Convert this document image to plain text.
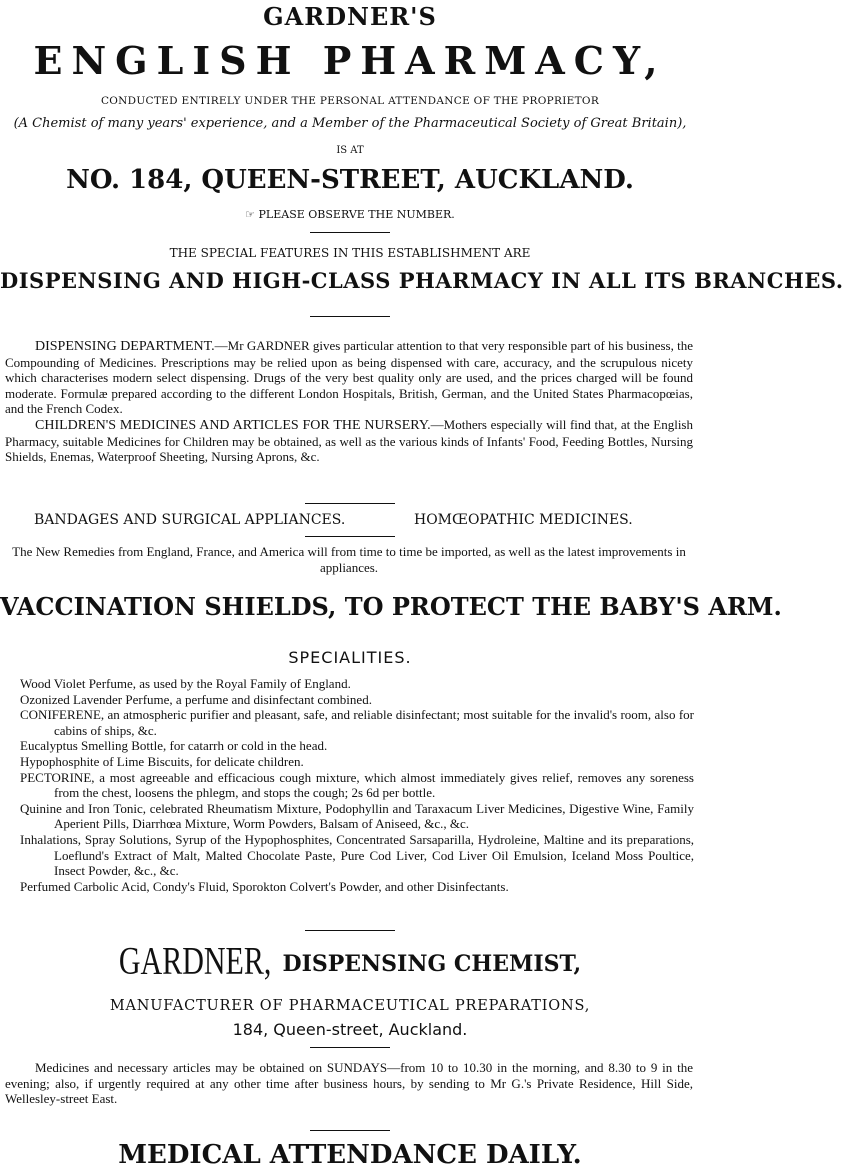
GARDNER'S
ENGLISH PHARMACY,
CONDUCTED ENTIRELY UNDER THE PERSONAL ATTENDANCE OF THE PROPRIETOR
(A Chemist of many years' experience, and a Member of the Pharmaceutical Society of Great Britain),
IS AT
NO. 184, QUEEN-STREET, AUCKLAND.
☞ PLEASE OBSERVE THE NUMBER.
THE SPECIAL FEATURES IN THIS ESTABLISHMENT ARE
DISPENSING AND HIGH-CLASS PHARMACY IN ALL ITS BRANCHES.

DISPENSING DEPARTMENT.—Mr GARDNER gives particular attention to that very responsible part of his business, the Compounding of Medicines. Prescriptions may be relied upon as being dispensed with care, accuracy, and the scrupulous nicety which characterises modern select dispensing. Drugs of the very best quality only are used, and the prices charged will be found moderate. Formulæ prepared according to the different London Hospitals, British, German, and the United States Pharmacopœias, and the French Codex.

CHILDREN'S MEDICINES AND ARTICLES FOR THE NURSERY.—Mothers especially will find that, at the English Pharmacy, suitable Medicines for Children may be obtained, as well as the various kinds of Infants' Food, Feeding Bottles, Nursing Shields, Enemas, Waterproof Sheeting, Nursing Aprons, &c.

BANDAGES AND SURGICAL APPLIANCES.	HOMŒOPATHIC MEDICINES.
The New Remedies from England, France, and America will from time to time be imported, as well as the latest improvements in appliances.
VACCINATION SHIELDS, TO PROTECT THE BABY'S ARM.
SPECIALITIES.
Wood Violet Perfume, as used by the Royal Family of England.
Ozonized Lavender Perfume, a perfume and disinfectant combined.
CONIFERENE, an atmospheric purifier and pleasant, safe, and reliable disinfectant; most suitable for the invalid's room, also for cabins of ships, &c.
Eucalyptus Smelling Bottle, for catarrh or cold in the head.
Hypophosphite of Lime Biscuits, for delicate children.
PECTORINE, a most agreeable and efficacious cough mixture, which almost immediately gives relief, removes any soreness from the chest, loosens the phlegm, and stops the cough; 2s 6d per bottle.
Quinine and Iron Tonic, celebrated Rheumatism Mixture, Podophyllin and Taraxacum Liver Medicines, Digestive Wine, Family Aperient Pills, Diarrhœa Mixture, Worm Powders, Balsam of Aniseed, &c., &c.
Inhalations, Spray Solutions, Syrup of the Hypophosphites, Concentrated Sarsaparilla, Hydroleine, Maltine and its preparations, Loeflund's Extract of Malt, Malted Chocolate Paste, Pure Cod Liver, Cod Liver Oil Emulsion, Iceland Moss Poultice, Insect Powder, &c., &c.
Perfumed Carbolic Acid, Condy's Fluid, Sporokton Colvert's Powder, and other Disinfectants.
GARDNER, DISPENSING CHEMIST,
MANUFACTURER OF PHARMACEUTICAL PREPARATIONS,
184, Queen-street, Auckland.

Medicines and necessary articles may be obtained on SUNDAYS—from 10 to 10.30 in the morning, and 8.30 to 9 in the evening; also, if urgently required at any other time after business hours, by sending to Mr G.'s Private Residence, Hill Side, Wellesley-street East.

MEDICAL ATTENDANCE DAILY.
